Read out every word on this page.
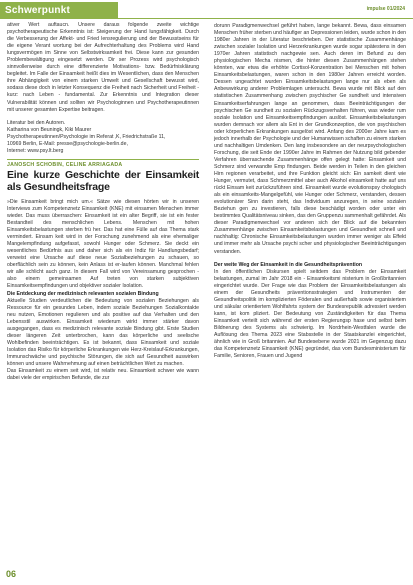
Schwerpunkt	impulse 01/2024

ativer Wert auftaucn. Unsere daraus folgende zweite wichtige psychotherapeutische Erkenntnis ist: Steigerung der Hand lungsfähigkeit. Durch die Verbesserung der Affekt- und Fried lensregulierung und der Bewusstseins für die eigene Verant wortung bei der Aufrechterhaltung des Problems wird Hand lungsvermögen im Sinne von Selbstwirksamkeit frei. Diese kann zur gesunden Problembewältigung eingesetzt werden. Dir ser Prozess wird psychologisch sinnvollerweise durch eine differenzierte Motivations- bzw. Bedürfnisklärung begleitet. Im Falle der Einsamkeit heißt dies im Wesentlichen, dass den Menschen ihre Abhängigkeit von einem starken Umwelt und Gesellschaft bewusst wird, sodass diese doch in letzter Konsequenz die Freiheit nach Sicherheit und Freiheit - kurz: nach Leben - fundamental. Zur Erkenntnis und Integration dieser Vulnerabilität können und sollten wir Psychologinnen und Psychotherapeutinnen mit unserer gesamten Expertise beitragen.

Literatur bei den Autoren.

Katharina von Beuningk, Kiki Maurer

Psychotherapeutinnen/Psychologie im Referat ‚K, Friedrichstraße 11,

10969 Berlin, E-Mail: presse@psychologie-berlin.de,

Internet: www.psy.lt.berg

JANOSCH SCHOBIN, CELINE ARRIAGADA

Eine kurze Geschichte der Einsamkeit als Gesundheitsfrage

»Die Einsamkeit bringt mich um.« Sätze wie diesen hörten wir in unseren Interviews zum Kompetenznetz Einsamkeit (KNE) mit einsamen Menschen immer wieder. Das muss überraschen: Einsamkeit ist ein alter Begriff, sie ist ein fester Bestandteil des menschlichen Lebens. Menschen mit hohen Einsamkeitsbelastungen sterben frü her. Das hat eine Fülle auf das Thema stark vermindert. Einsam keit wird in der Forschung zunehmend als eine ehemaliger Mangelempfindung aufgefasst, sowohl Hunger oder Schmerz. Sie deckt ein wesentliches Bedürfnis aus und daher sich als ein Indiz für Handlungsbedarf; verweist eine Ursache auf diese neue Sozialbeziehungen zu schauen, so oberflächlich sein zu können, kein Anlass ist er-laufen können. Manchmal fehlen wir alle schlicht auch ganz. In diesem Fall wird von Vereinsamung gesprochen - also einem gemeinsamen Auf treten von starken subjektiven Einsamkeitsempfindungen und objektiver sozialer Isolation.

Die Entdeckung der medizinisch relevanten sozialen Bindung

Aktuelle Studien verdeutlichen die Bedeutung von sozialen Beziehungen als Ressource für ein gesundes Leben, indem soziale Beziehungen Sozialkontakte neu nutzen, Emotionen regulieren und als positive auf das Verhalten und den Lebensstil auswirken. Einsamkeit wiederum wirkt immer stärker davon ausgegangen, dass es medizinisch relevante soziale Bindung gibt. Erste Studien dieser längeren Zeit unterbrochen, kann das körperliche und seelische Wohlbefinden beeinträchtigen. Es ist bekannt, dass Einsamkeit und soziale Isolation das Risiko für körperliche Erkrankungen wie Herz-Kreislauf-Erkrankungen, Immunschwäche und psychische Störungen, die sich auf Gesundheit auswirken können und unsere Wahrnehmung auf einen beträchtlichen Wert zu machen.

Das Einsamkeit zu einem seit wird, ist relativ neu. Einsamkeit schwer wie wann dabei viele der empirischen Befunde, die zur

dorunn Paradigmenwechsel geführt haben, lange bekannt. Bewa, dass einsamen Menschen früher sterben und häufiger an Depressionen leiden, wurde schon in den 1980er Jahren in der Literatur beschrieben. Der statistische Zusammenhänge zwischen sozialer Isolation und Herzerkrankungen wurde sogar spätestens in den 1970er Jahren statistisch nachgewie sen. Auch deren im Befund zu den physiologischen Mecha nismen, die hinter diesen Zusammenhängen stehen könnten, war etwa die erhöhte Cortisol-Konzentration bei Menschen mit hohen Einsamkeitsbelastungen, waren schon in den 1980er Jahren erreicht worden. Dessen ungeachtet wurden Einsamkeitsbelastungen lange nur als eben als Anbewwirkung anderer Problemlagen untersucht. Bewa wurde mit Blick auf den statistischen Zusammenhang zwischen psychischer Ge sundheit und intensiven Einsamkeitserfahrungen lange an genommen, dass Beeinträchtigungen der psychischen Ge sundheit zu sozialen Rückzugsverhalten führen, was wieder rum soziale Isolation und Einsamkeitsempfindungen auslöst. Einsamkeitsbelastungen wurden demnach vor allem als Ent in der Grundkonzeption, die von psychischen oder körperlichen Erkrankungen ausgelöst wird. Anfang des 2000er Jahre kam es jedoch innerhalb der Psychologie und der Humanwissen schaften zu einem starken und nachhaltigen Umdenken. Den lang insbesondere an der neurpsychologischen Forschung, die seit Ende der 1990er Jahre im Rahmen der Nutzung bild gebender Verfahren überraschende Zusammenhänge offen gelegt hatte: Einsamkeit und Schmerz sind verwandte Emp findungen. Beide werden in Teilen in den gleichen Hirn regionen verarbeitet, und ihre Funktion gleicht sich: Ein samkeit dient wie Hunger, vermutet, dass Schmerzmittel aber auch Alkohol einsamkeit hatte auf uns rückt Einsam keit zurückzuführen sind. Einsamkeit wurde evolutionspsy chologisch als ein einsamkeits-Mangelgefühl, wie Hunger oder Schmerz, verstanden, dessen evolutionärer Sinn darin steht, das Individuum anzuregen, in seine sozialen Beziehun gen zu investieren, falls diese beschädigt worden oder unter ein bestimmtes Qualitätsniveau sinken, das den Gruppenzu sammenhalt gefährdet. Als dieser Paradigmenwechsel vor anderen sich der Blick auf die bekannten Zusammenhänge zwischen Einsamkeitsbelastungen und Gesundheit schnell und nachhaltig: Chronische Einsamkeitsbelastungen wurden immer weniger als Effekt und immer mehr als Ursache psychi scher und physiologischer Beeinträchtigungen verstanden.

Der weite Weg der Einsamkeit in die Gesundheitsprävention

In den öffentlichen Diskursen spielt seitdem das Problem der Einsamkeit belastungen, zumal im Jahr 2018 ein - Einsamkeitsmi nisterium in Großbritannien eingerichtet wurde. Der Frage wie das Problem der Einsamkeitsbelastungen als einem der Gesundheits präventionsstrategien und Instrumenten der Gesundheitspolitik im komplizierten Föderalen und außerhalb sowie organisiertem und säkular orientiertem Wohlfahrts system der Bundesrepublik adressiert werden kann, ist kom pliziert. Der Bedeutung von Zuständigkeiten für das Thema Einsamkeit verteilt sich während der ersten Regierungsp hase und selbst beim Bildnerung des Systems als schwierig. Im Nordrhein-Westfalen wurde die Auflösung des Thema 2023 eine Stabsstelle in der Staatskanzlei eingerichtet, ähnlich wie in Groß britannien. Auf Bundesebene wurde 2021 im Gegenzug dazu das Kompetenznetz Einsamkeit (KNE) gegründet, das vom Bundesministerium für Familie, Senioren, Frauen und Jugend

06
